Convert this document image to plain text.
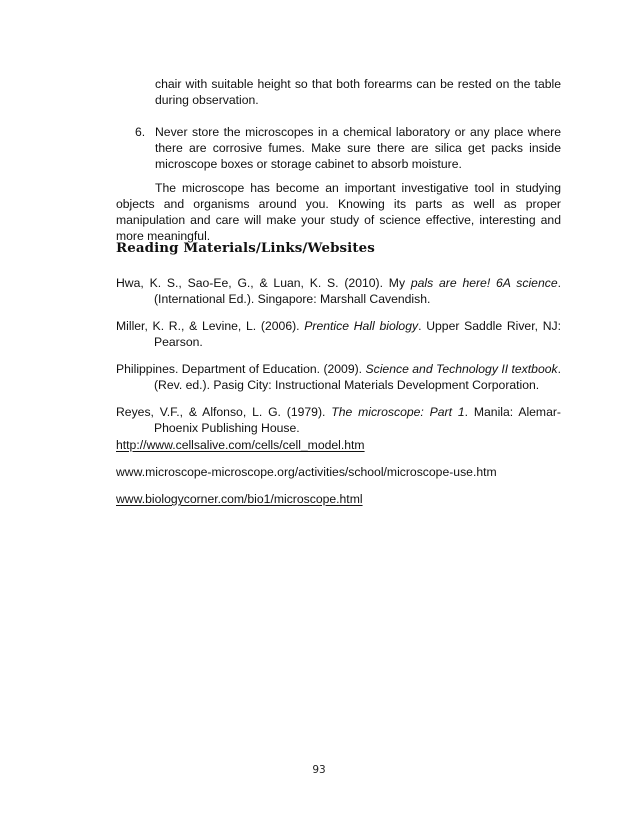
chair with suitable height so that both forearms can be rested on the table during observation.

6. Never store the microscopes in a chemical laboratory or any place where there are corrosive fumes. Make sure there are silica get packs inside microscope boxes or storage cabinet to absorb moisture.

The microscope has become an important investigative tool in studying objects and organisms around you. Knowing its parts as well as proper manipulation and care will make your study of science effective, interesting and more meaningful.

Reading Materials/Links/Websites
Hwa, K. S., Sao-Ee, G., & Luan, K. S. (2010). My pals are here! 6A science. (International Ed.). Singapore: Marshall Cavendish.
Miller, K. R., & Levine, L. (2006). Prentice Hall biology. Upper Saddle River, NJ: Pearson.
Philippines. Department of Education. (2009). Science and Technology II textbook. (Rev. ed.). Pasig City: Instructional Materials Development Corporation.
Reyes, V.F., & Alfonso, L. G. (1979). The microscope: Part 1. Manila: Alemar-Phoenix Publishing House.
http://www.cellsalive.com/cells/cell_model.htm
www.microscope-microscope.org/activities/school/microscope-use.htm
www.biologycorner.com/bio1/microscope.html
93
